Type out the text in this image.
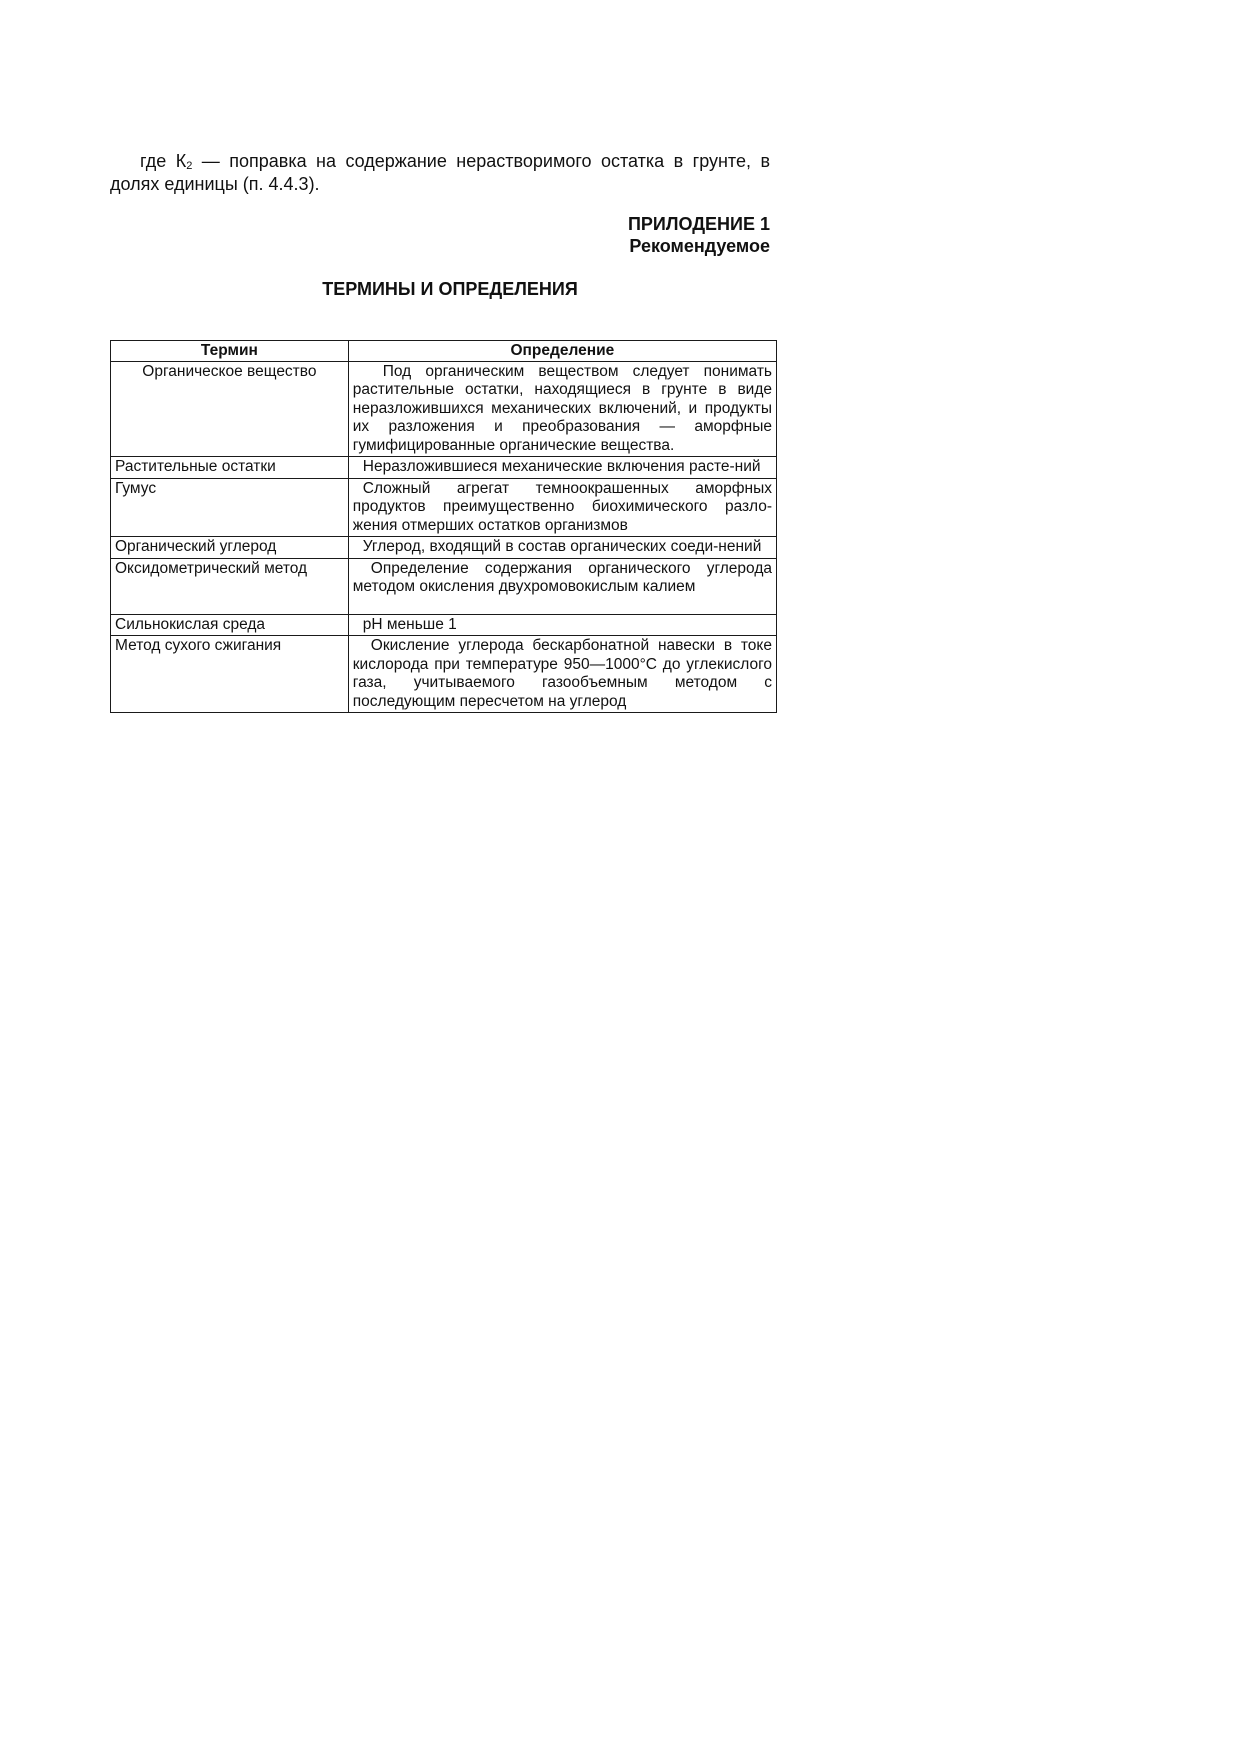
где $К_2$ — поправка на содержание нерастворимого остатка в грунте, в долях единицы (п. 4.4.3).

ПРИЛОДЕНИЕ 1
Рекомендуемое
ТЕРМИНЫ И ОПРЕДЕЛЕНИЯ
Термин	Определение
Органическое вещество	Под органическим веществом следует понимать растительные остатки, находящиеся в грунте в виде неразложившихся механических включений, и продукты их разложения и преобразования — аморфные гумифицированные органические вещества.
Растительные остатки	Неразложившиеся механические включения расте-ний
Гумус	Сложный агрегат темноокрашенных аморфных продуктов преимущественно биохимического разло-жения отмерших остатков организмов
Органический углерод	Углерод, входящий в состав органических соеди-нений
Оксидометрический метод	Определение содержания органического углерода методом окисления двухромовокислым калием
Сильнокислая среда	pH меньше 1
Метод сухого сжигания	Окисление углерода бескарбонатной навески в токе кислорода при температуре 950—1000°С до углекислого газа, учитываемого газообъемным методом с последующим пересчетом на углерод
